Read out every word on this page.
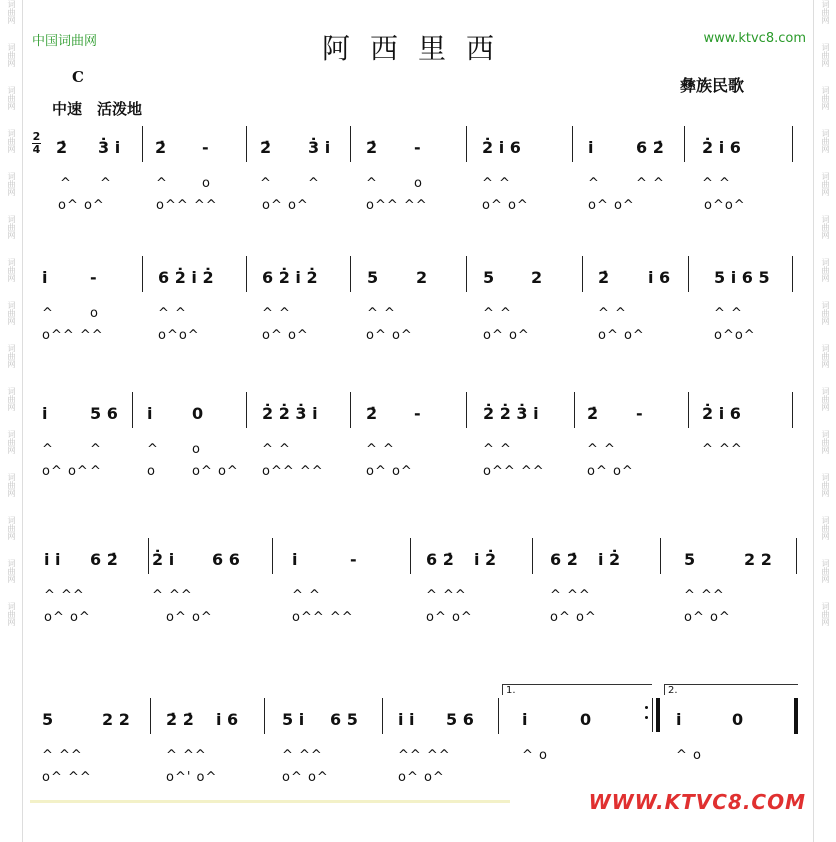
词曲网
词曲网
词曲网
词曲网
词曲网
词曲网
词曲网
词曲网
词曲网
词曲网
词曲网
词曲网
词曲网
词曲网
词曲网
词曲网
词曲网
词曲网
词曲网
词曲网
词曲网
词曲网
词曲网
词曲网
词曲网
词曲网
词曲网
词曲网
词曲网
词曲网
中国词曲网	www.ktvc8.com
阿西里西
C
中速　活泼地
彝族民歌
2
4 2̇ 3̇ i 2̇ -	2̇ 3̇ i 2̇ -	2̇ i 6	i	6 2̇ 2̇ i 6
^ ^	^	o	^	^	^	o	^ ^	^	^ ^	^ ^
o^ o^	o^^ ^^	o^ o^	o^^ ^^	o^ o^	o^ o^	o^o^
i	-	6 2̇ i 2̇	6 2̇ i 2̇	5 2	5 2	2̇ i 6	5 i 6 5
^	o	^ ^	^ ^	^ ^	^ ^	^ ^	^ ^
o^^ ^^	o^o^	o^ o^	o^ o^	o^ o^	o^ o^	o^o^
i	5 6 i 0	2̇ 2̇ 3̇ i	2̇ -	2̇ 2̇ 3̇ i	2̇ -	2̇ i 6
^	^	^	o	^ ^	^ ^	^ ^	^ ^	^ ^^
o^ o^ ^	o	o^ o^ o^^ ^^	o^ o^	o^^ ^^	o^ o^
i i 6 2̇ 2̇ i 6 6	i	-	6 2̇ i 2̇	6 2̇ i 2̇	5	2 2
^ ^^	^ ^^	^ ^	^ ^^	^ ^^	^ ^^
o^ o^	o^ o^	o^^ ^^	o^ o^	o^ o^	o^ o^
5	2 2 2̇ 2̇ i 6	5 i 6 5	i i 5 6	i	0	i	0
^ ^^	^ ^^	^ ^^	^^ ^^	^ o	^ o
o^ ^^	o^' o^	o^ o^	o^ o^
1.	2.
WWW.KTVC8.COM
